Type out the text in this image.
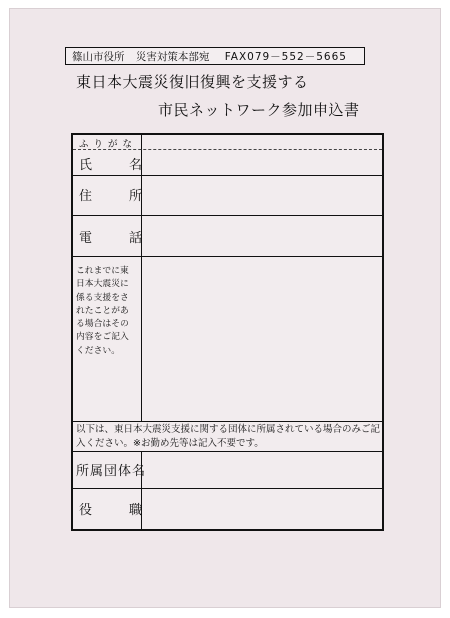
篠山市役所 災害対策本部宛 FAX079－552－5665
東日本大震災復旧復興を支援する
市民ネットワーク参加申込書
ふりがな
氏　名
住　所
電　話
これまでに東
日本大震災に
係る支援をさ
れたことがあ
る場合はその
内容をご記入
ください。
以下は、東日本大震災支援に関する団体に所属されている場合のみご記入ください。※お勤め先等は記入不要です。
所属団体名
役　職
